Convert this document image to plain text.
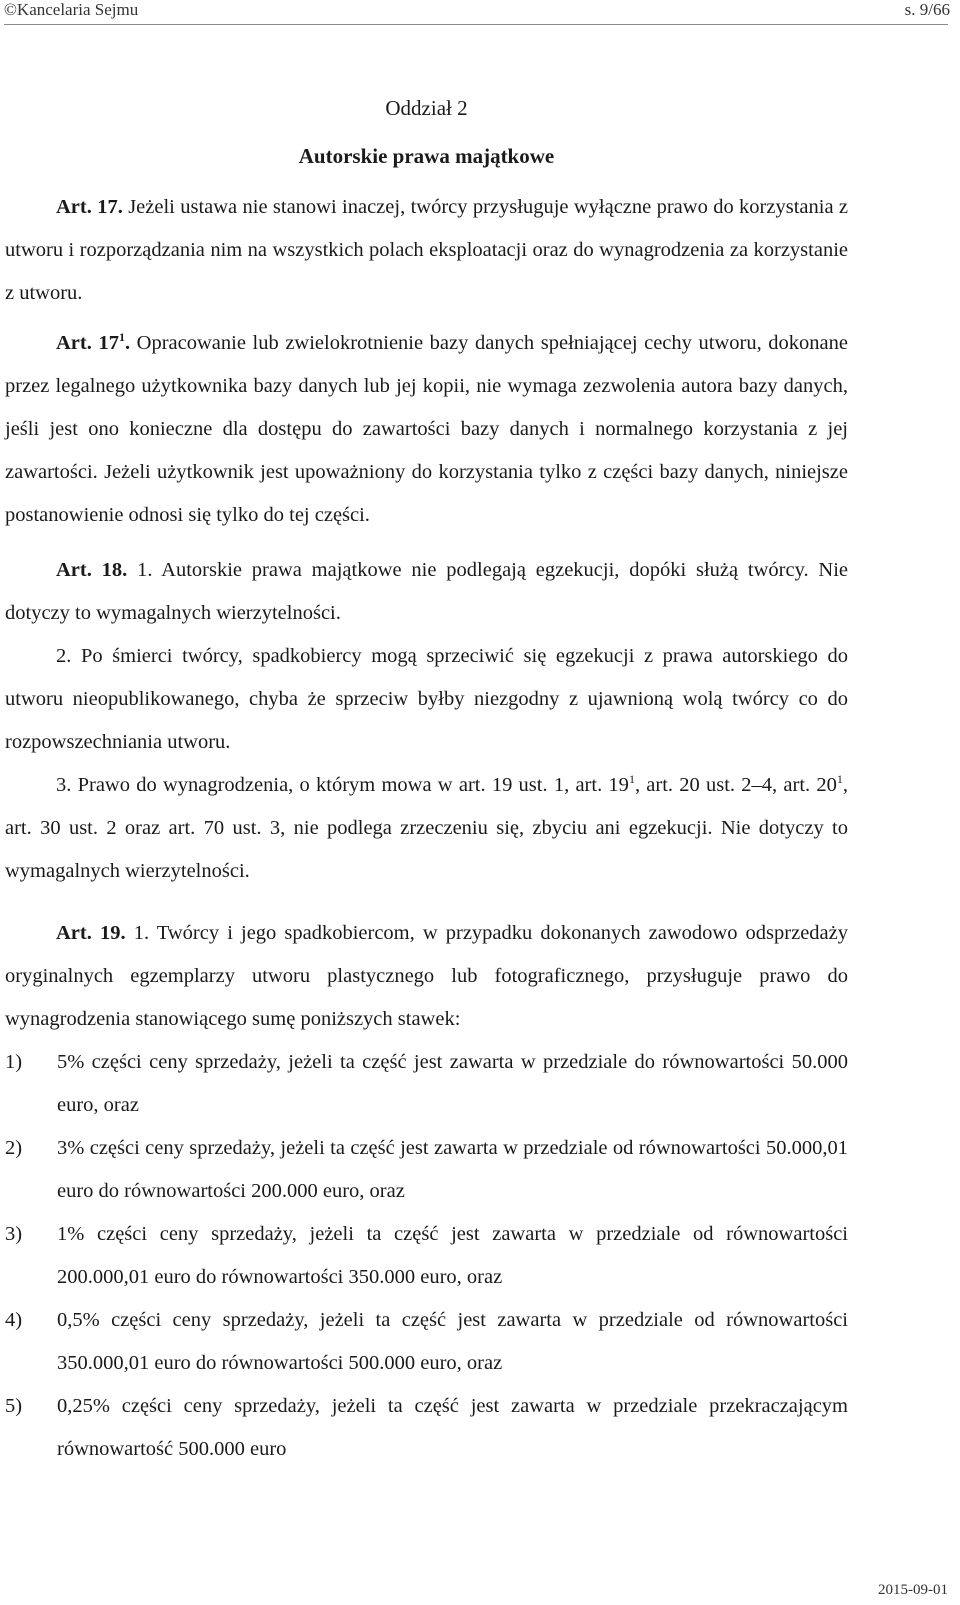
©Kancelaria Sejmu	s. 9/66

Oddział 2

Autorskie prawa majątkowe

Art. 17. Jeżeli ustawa nie stanowi inaczej, twórcy przysługuje wyłączne prawo do korzystania z utworu i rozporządzania nim na wszystkich polach eksploatacji oraz do wynagrodzenia za korzystanie z utworu.

Art. $17^1$. Opracowanie lub zwielokrotnienie bazy danych spełniającej cechy utworu, dokonane przez legalnego użytkownika bazy danych lub jej kopii, nie wymaga zezwolenia autora bazy danych, jeśli jest ono konieczne dla dostępu do zawartości bazy danych i normalnego korzystania z jej zawartości. Jeżeli użytkownik jest upoważniony do korzystania tylko z części bazy danych, niniejsze postanowienie odnosi się tylko do tej części.

Art. 18. 1. Autorskie prawa majątkowe nie podlegają egzekucji, dopóki służą twórcy. Nie dotyczy to wymagalnych wierzytelności.

2. Po śmierci twórcy, spadkobiercy mogą sprzeciwić się egzekucji z prawa autorskiego do utworu nieopublikowanego, chyba że sprzeciw byłby niezgodny z ujawnioną wolą twórcy co do rozpowszechniania utworu.

3. Prawo do wynagrodzenia, o którym mowa w art. 19 ust. 1, art. $19^1$, art. 20 ust. 2–4, art. $20^1$, art. 30 ust. 2 oraz art. 70 ust. 3, nie podlega zrzeczeniu się, zbyciu ani egzekucji. Nie dotyczy to wymagalnych wierzytelności.

Art. 19. 1. Twórcy i jego spadkobiercom, w przypadku dokonanych zawodowo odsprzedaży oryginalnych egzemplarzy utworu plastycznego lub fotograficznego, przysługuje prawo do wynagrodzenia stanowiącego sumę poniższych stawek:

1)	5% części ceny sprzedaży, jeżeli ta część jest zawarta w przedziale do równowartości 50.000 euro, oraz
2)	3% części ceny sprzedaży, jeżeli ta część jest zawarta w przedziale od równowartości 50.000,01 euro do równowartości 200.000 euro, oraz
3)	1% części ceny sprzedaży, jeżeli ta część jest zawarta w przedziale od równowartości 200.000,01 euro do równowartości 350.000 euro, oraz
4)	0,5% części ceny sprzedaży, jeżeli ta część jest zawarta w przedziale od równowartości 350.000,01 euro do równowartości 500.000 euro, oraz
5)	0,25% części ceny sprzedaży, jeżeli ta część jest zawarta w przedziale przekraczającym równowartość 500.000 euro
2015-09-01
